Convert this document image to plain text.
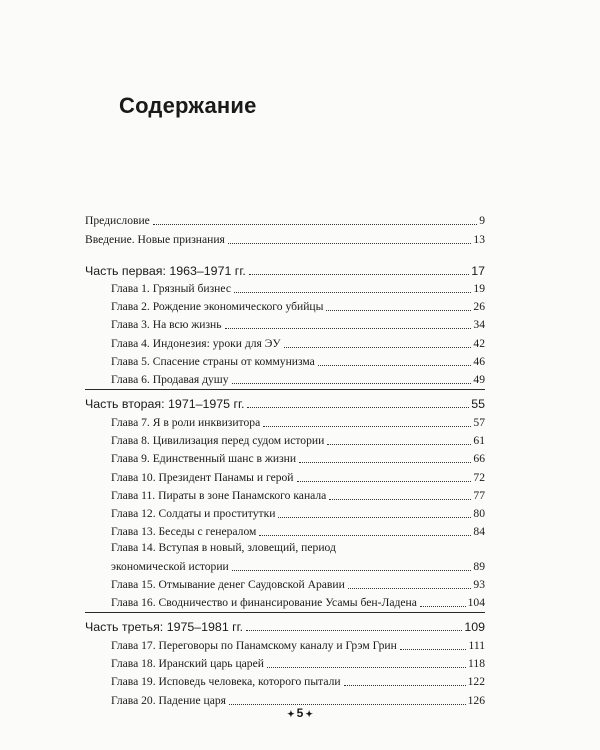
Содержание
Предисловие	9
Введение. Новые признания	13
Часть первая: 1963–1971 гг.	17
Глава 1. Грязный бизнес	19
Глава 2. Рождение экономического убийцы	26
Глава 3. На всю жизнь	34
Глава 4. Индонезия: уроки для ЭУ	42
Глава 5. Спасение страны от коммунизма	46
Глава 6. Продавая душу	49
Часть вторая: 1971–1975 гг.	55
Глава 7. Я в роли инквизитора	57
Глава 8. Цивилизация перед судом истории	61
Глава 9. Единственный шанс в жизни	66
Глава 10. Президент Панамы и герой	72
Глава 11. Пираты в зоне Панамского канала	77
Глава 12. Солдаты и проститутки	80
Глава 13. Беседы с генералом	84
Глава 14. Вступая в новый, зловещий, период
экономической истории	89
Глава 15. Отмывание денег Саудовской Аравии	93
Глава 16. Сводничество и финансирование Усамы бен-Ладена	104
Часть третья: 1975–1981 гг.	109
Глава 17. Переговоры по Панамскому каналу и Грэм Грин	111
Глава 18. Иранский царь царей	118
Глава 19. Исповедь человека, которого пытали	122
Глава 20. Падение царя	126
✦ 5 ✦
